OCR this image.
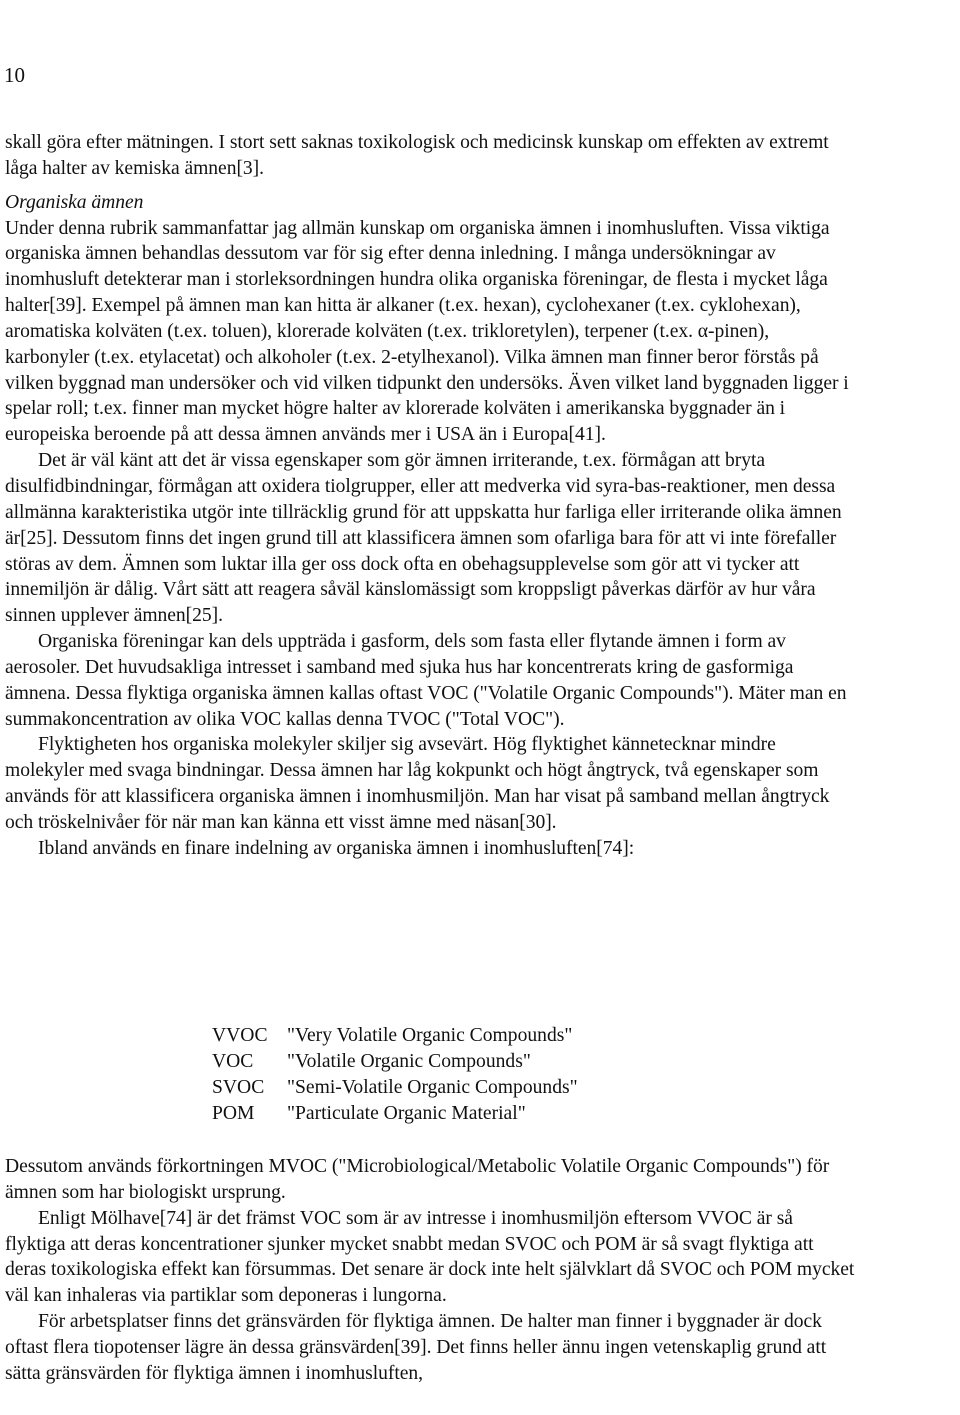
10

skall göra efter mätningen. I stort sett saknas toxikologisk och medicinsk kunskap om effekten av extremt låga halter av kemiska ämnen[3].

Organiska ämnen

Under denna rubrik sammanfattar jag allmän kunskap om organiska ämnen i inomhusluften. Vissa viktiga organiska ämnen behandlas dessutom var för sig efter denna inledning. I många undersökningar av inomhusluft detekterar man i storleksordningen hundra olika organiska föreningar, de flesta i mycket låga halter[39]. Exempel på ämnen man kan hitta är alkaner (t.ex. hexan), cyclohexaner (t.ex. cyklohexan), aromatiska kolväten (t.ex. toluen), klorerade kolväten (t.ex. trikloretylen), terpener (t.ex. α-pinen), karbonyler (t.ex. etylacetat) och alkoholer (t.ex. 2-etylhexanol). Vilka ämnen man finner beror förstås på vilken byggnad man undersöker och vid vilken tidpunkt den undersöks. Även vilket land byggnaden ligger i spelar roll; t.ex. finner man mycket högre halter av klorerade kolväten i amerikanska byggnader än i europeiska beroende på att dessa ämnen används mer i USA än i Europa[41].

Det är väl känt att det är vissa egenskaper som gör ämnen irriterande, t.ex. förmågan att bryta disulfidbindningar, förmågan att oxidera tiolgrupper, eller att medverka vid syra-bas-reaktioner, men dessa allmänna karakteristika utgör inte tillräcklig grund för att uppskatta hur farliga eller irriterande olika ämnen är[25]. Dessutom finns det ingen grund till att klassificera ämnen som ofarliga bara för att vi inte förefaller störas av dem. Ämnen som luktar illa ger oss dock ofta en obehagsupplevelse som gör att vi tycker att innemiljön är dålig. Vårt sätt att reagera såväl känslomässigt som kroppsligt påverkas därför av hur våra sinnen upplever ämnen[25].

Organiska föreningar kan dels uppträda i gasform, dels som fasta eller flytande ämnen i form av aerosoler. Det huvudsakliga intresset i samband med sjuka hus har koncentrerats kring de gasformiga ämnena. Dessa flyktiga organiska ämnen kallas oftast VOC ("Volatile Organic Compounds"). Mäter man en summakoncentration av olika VOC kallas denna TVOC ("Total VOC").

Flyktigheten hos organiska molekyler skiljer sig avsevärt. Hög flyktighet kännetecknar mindre molekyler med svaga bindningar. Dessa ämnen har låg kokpunkt och högt ångtryck, två egenskaper som används för att klassificera organiska ämnen i inomhusmiljön. Man har visat på samband mellan ångtryck och tröskelnivåer för när man kan känna ett visst ämne med näsan[30].

Ibland används en finare indelning av organiska ämnen i inomhusluften[74]:

VVOC	"Very Volatile Organic Compounds"
VOC	"Volatile Organic Compounds"
SVOC	"Semi-Volatile Organic Compounds"
POM	"Particulate Organic Material"

Dessutom används förkortningen MVOC ("Microbiological/Metabolic Volatile Organic Compounds") för ämnen som har biologiskt ursprung.

Enligt Mölhave[74] är det främst VOC som är av intresse i inomhusmiljön eftersom VVOC är så flyktiga att deras koncentrationer sjunker mycket snabbt medan SVOC och POM är så svagt flyktiga att deras toxikologiska effekt kan försummas. Det senare är dock inte helt självklart då SVOC och POM mycket väl kan inhaleras via partiklar som deponeras i lungorna.

För arbetsplatser finns det gränsvärden för flyktiga ämnen. De halter man finner i byggnader är dock oftast flera tiopotenser lägre än dessa gränsvärden[39]. Det finns heller ännu ingen vetenskaplig grund att sätta gränsvärden för flyktiga ämnen i inomhusluften,
